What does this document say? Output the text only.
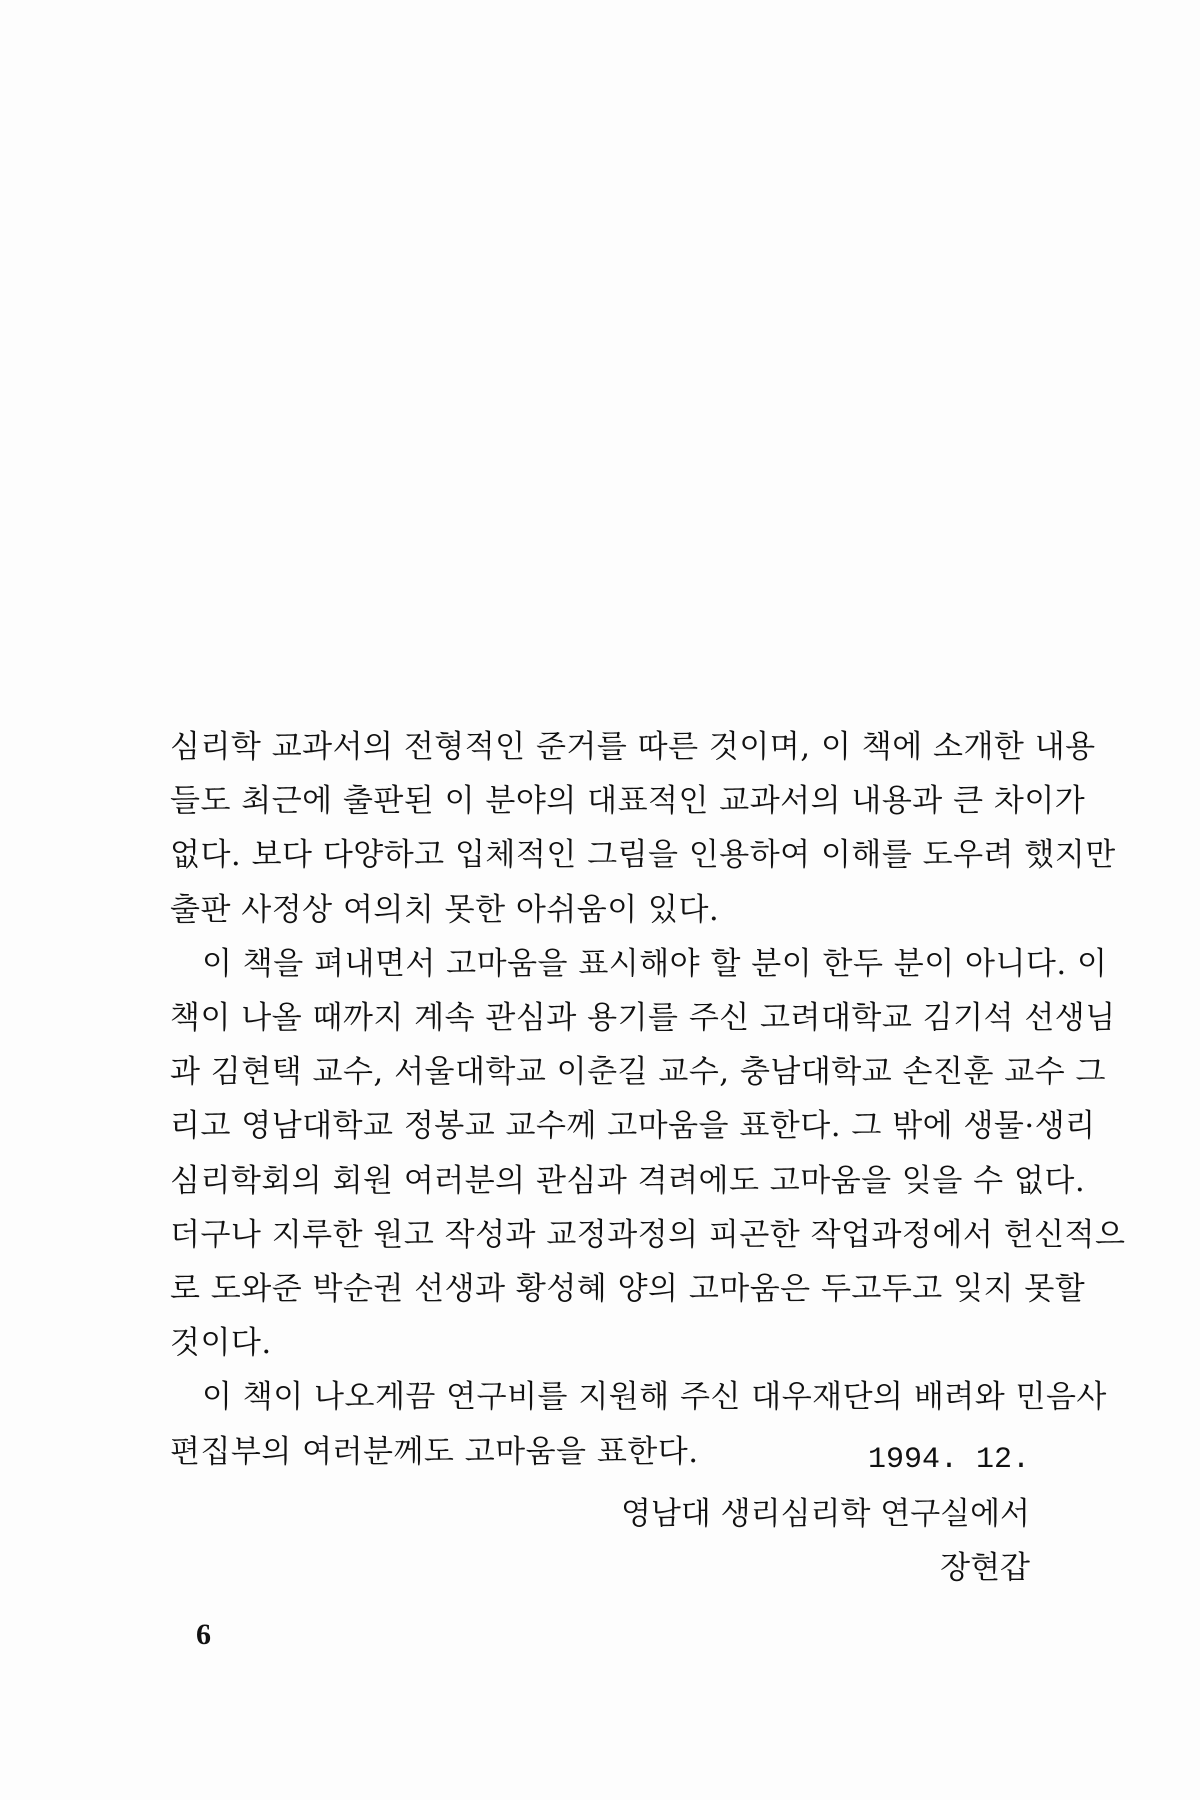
심리학 교과서의 전형적인 준거를 따른 것이며, 이 책에 소개한 내용
들도 최근에 출판된 이 분야의 대표적인 교과서의 내용과 큰 차이가
없다. 보다 다양하고 입체적인 그림을 인용하여 이해를 도우려 했지만
출판 사정상 여의치 못한 아쉬움이 있다.
이 책을 펴내면서 고마움을 표시해야 할 분이 한두 분이 아니다. 이
책이 나올 때까지 계속 관심과 용기를 주신 고려대학교 김기석 선생님
과 김현택 교수, 서울대학교 이춘길 교수, 충남대학교 손진훈 교수 그
리고 영남대학교 정봉교 교수께 고마움을 표한다. 그 밖에 생물·생리
심리학회의 회원 여러분의 관심과 격려에도 고마움을 잊을 수 없다.
더구나 지루한 원고 작성과 교정과정의 피곤한 작업과정에서 헌신적으
로 도와준 박순권 선생과 황성혜 양의 고마움은 두고두고 잊지 못할
것이다.
이 책이 나오게끔 연구비를 지원해 주신 대우재단의 배려와 민음사
편집부의 여러분께도 고마움을 표한다.	1994. 12.
영남대 생리심리학 연구실에서
장현갑
6
